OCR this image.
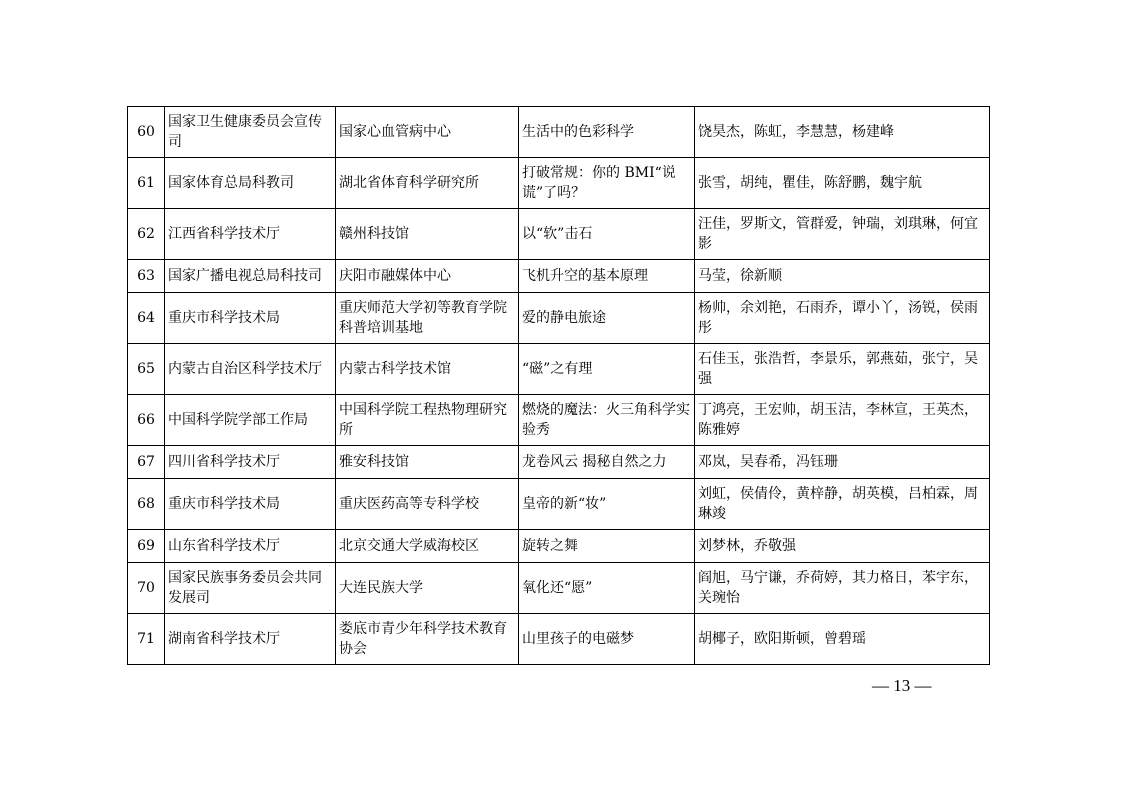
60	国家卫生健康委员会宣传司	国家心血管病中心	生活中的色彩科学	饶昊杰，陈虹，李慧慧，杨建峰
61	国家体育总局科教司	湖北省体育科学研究所	打破常规：你的 BMI“说谎”了吗？	张雪，胡纯，瞿佳，陈舒鹏，魏宇航
62	江西省科学技术厅	赣州科技馆	以“软”击石	汪佳，罗斯文，管群爱，钟瑞，刘琪琳，何宜影
63	国家广播电视总局科技司	庆阳市融媒体中心	飞机升空的基本原理	马莹，徐新顺
64	重庆市科学技术局	重庆师范大学初等教育学院科普培训基地	爱的静电旅途	杨帅，余刘艳，石雨乔，谭小丫，汤锐，侯雨彤
65	内蒙古自治区科学技术厅	内蒙古科学技术馆	“磁”之有理	石佳玉，张浩哲，李景乐，郭燕茹，张宁，吴强
66	中国科学院学部工作局	中国科学院工程热物理研究所	燃烧的魔法：火三角科学实验秀	丁鸿亮，王宏帅，胡玉洁，李林宣，王英杰，陈雅婷
67	四川省科学技术厅	雅安科技馆	龙卷风云 揭秘自然之力	邓岚，吴春希，冯钰珊
68	重庆市科学技术局	重庆医药高等专科学校	皇帝的新“妆”	刘虹，侯倩伶，黄梓静，胡英模，吕柏霖，周琳竣
69	山东省科学技术厅	北京交通大学威海校区	旋转之舞	刘梦林，乔敬强
70	国家民族事务委员会共同发展司	大连民族大学	氧化还“愿”	阎旭，马宁谦，乔荷婷，其力格日，苯宇东，关琬怡
71	湖南省科学技术厅	娄底市青少年科学技术教育协会	山里孩子的电磁梦	胡椰子，欧阳斯顿，曾碧瑶
— 13 —
